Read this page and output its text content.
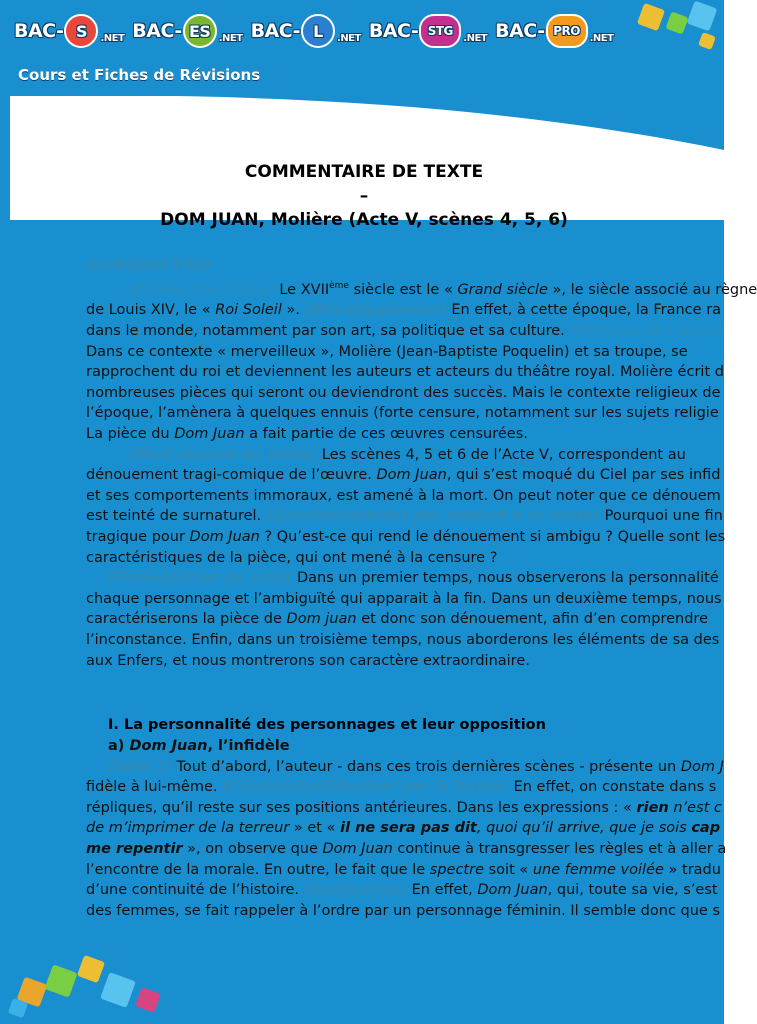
BAC- S	.NET BAC- ES .NET BAC- L	.NET BAC- STG
.NET BAC- PRO
.NET
Cours et Fiches de Révisions
COMMENTAIRE DE TEXTE
–
DOM JUAN, Molière (Acte V, scènes 4, 5, 6)
INTRODUCTION

(Phrase d’accroche) Le XVIIème siècle est le « Grand siècle », le siècle associé au règne

de Louis XIV, le « Roi Soleil ». (Développement) En effet, à cette époque, la France ra

dans le monde, notamment par son art, sa politique et sa culture. (Contexte de l’œuvre

Dans ce contexte « merveilleux », Molière (Jean-Baptiste Poquelin) et sa troupe, se

rapprochent du roi et deviennent les auteurs et acteurs du théâtre royal. Molière écrit d

nombreuses pièces qui seront ou deviendront des succès. Mais le contexte religieux de

l’époque, l’amènera à quelques ennuis (forte censure, notamment sur les sujets religie

La pièce du Dom Juan a fait partie de ces œuvres censurées.

(Bref résumé du texte) Les scènes 4, 5 et 6 de l’Acte V, correspondent au

dénouement tragi-comique de l’œuvre. Dom Juan, qui s’est moqué du Ciel par ses infid

et ses comportements immoraux, est amené à la mort. On peut noter que ce dénouem

est teinté de surnaturel. (Questionnement par rapport à ce texte) Pourquoi une fin

tragique pour Dom Juan ? Qu’est-ce qui rend le dénouement si ambigu ? Quelle sont les

caractéristiques de la pièce, qui ont mené à la censure ?

(Présentation du plan) Dans un premier temps, nous observerons la personnalité

chaque personnage et l’ambiguïté qui apparait à la fin. Dans un deuxième temps, nous

caractériserons la pièce de Dom juan et donc son dénouement, afin d’en comprendre

l’inconstance. Enfin, dans un troisième temps, nous aborderons les éléments de sa des

aux Enfers, et nous montrerons son caractère extraordinaire.

I. La personnalité des personnages et leur opposition

a) Dom Juan, l’infidèle

(Idée 1) Tout d’abord, l’auteur - dans ces trois dernières scènes - présente un Dom J

fidèle à lui-même. (Citation/Justification par la forme) En effet, on constate dans s

répliques, qu’il reste sur ses positions antérieures. Dans les expressions : « rien n’est c

de m’imprimer de la terreur » et « il ne sera pas dit, quoi qu’il arrive, que je sois cap

me repentir », on observe que Dom Juan continue à transgresser les règles et à aller a

l’encontre de la morale. En outre, le fait que le spectre soit « une femme voilée » tradu

d’une continuité de l’histoire. (Explication) En effet, Dom Juan, qui, toute sa vie, s’est

des femmes, se fait rappeler à l’ordre par un personnage féminin. Il semble donc que s
